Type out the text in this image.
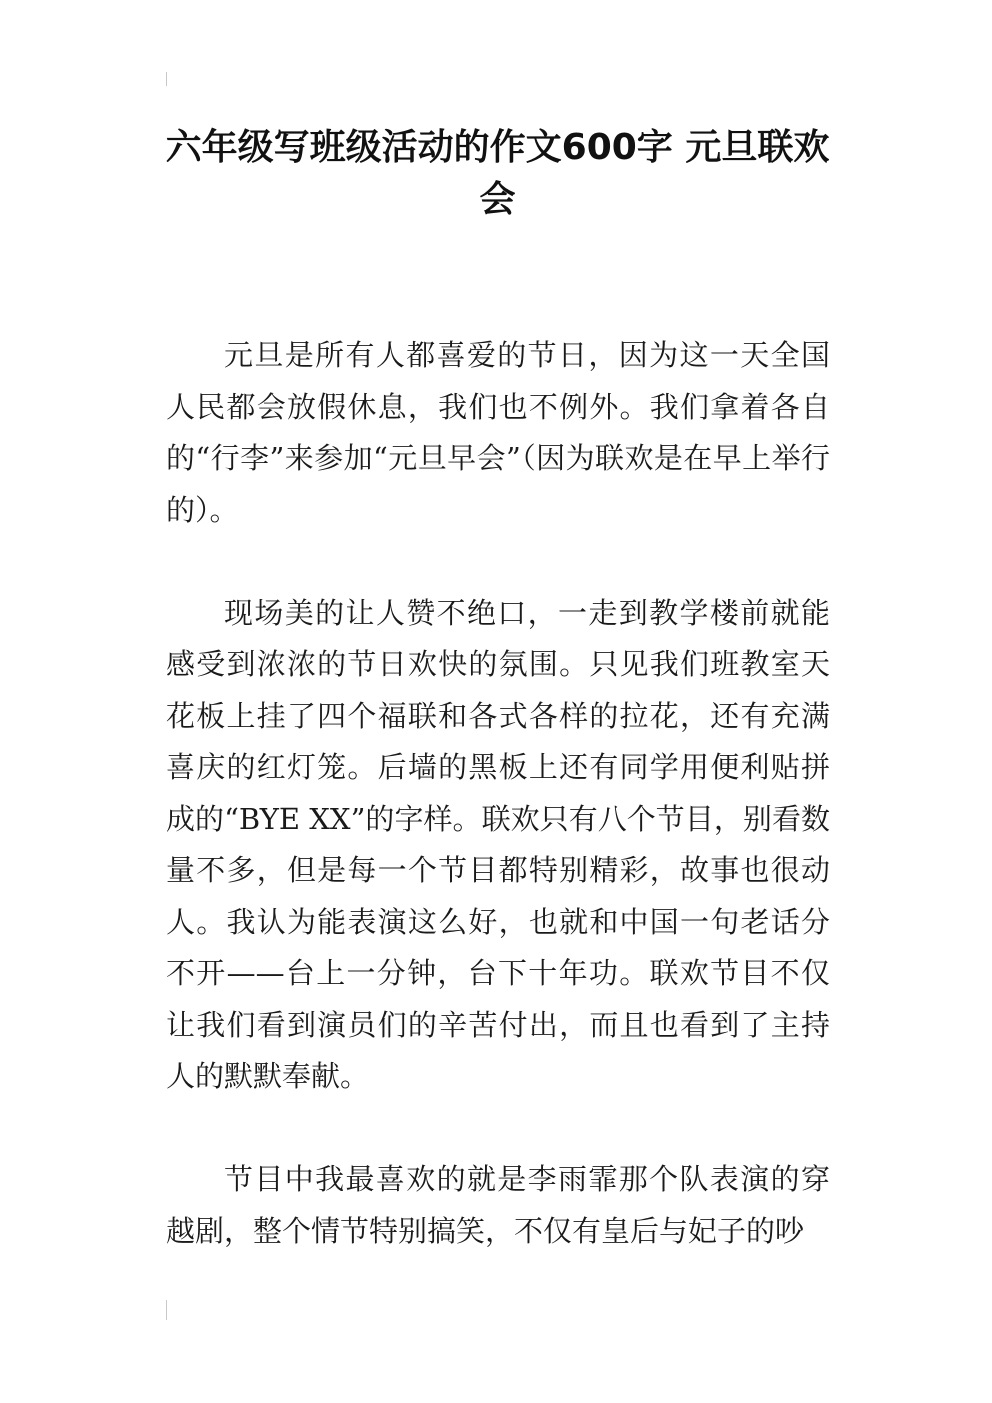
六年级写班级活动的作文600字 元旦联欢会

元旦是所有人都喜爱的节日，因为这一天全国人民都会放假休息，我们也不例外。我们拿着各自的“行李”来参加“元旦早会”（因为联欢是在早上举行的）。

现场美的让人赞不绝口，一走到教学楼前就能感受到浓浓的节日欢快的氛围。只见我们班教室天花板上挂了四个福联和各式各样的拉花，还有充满喜庆的红灯笼。后墙的黑板上还有同学用便利贴拼成的“BYE XX”的字样。联欢只有八个节目，别看数量不多，但是每一个节目都特别精彩，故事也很动人。我认为能表演这么好，也就和中国一句老话分不开——台上一分钟，台下十年功。联欢节目不仅让我们看到演员们的辛苦付出，而且也看到了主持人的默默奉献。

节目中我最喜欢的就是李雨霏那个队表演的穿越剧，整个情节特别搞笑，不仅有皇后与妃子的吵
